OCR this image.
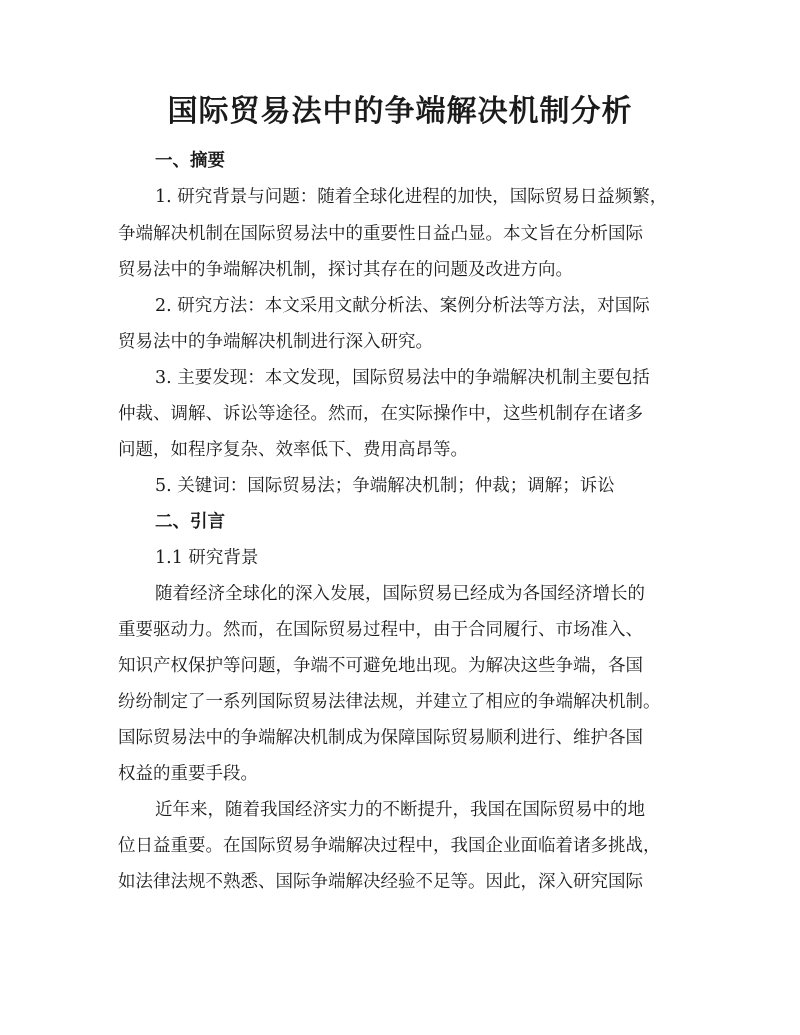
国际贸易法中的争端解决机制分析
一、摘要
1. 研究背景与问题：随着全球化进程的加快，国际贸易日益频繁，
争端解决机制在国际贸易法中的重要性日益凸显。本文旨在分析国际
贸易法中的争端解决机制，探讨其存在的问题及改进方向。
2. 研究方法：本文采用文献分析法、案例分析法等方法，对国际
贸易法中的争端解决机制进行深入研究。
3. 主要发现：本文发现，国际贸易法中的争端解决机制主要包括
仲裁、调解、诉讼等途径。然而，在实际操作中，这些机制存在诸多
问题，如程序复杂、效率低下、费用高昂等。
5. 关键词：国际贸易法；争端解决机制；仲裁；调解；诉讼
二、引言
1.1 研究背景
随着经济全球化的深入发展，国际贸易已经成为各国经济增长的
重要驱动力。然而，在国际贸易过程中，由于合同履行、市场准入、
知识产权保护等问题，争端不可避免地出现。为解决这些争端，各国
纷纷制定了一系列国际贸易法律法规，并建立了相应的争端解决机制。
国际贸易法中的争端解决机制成为保障国际贸易顺利进行、维护各国
权益的重要手段。
近年来，随着我国经济实力的不断提升，我国在国际贸易中的地
位日益重要。在国际贸易争端解决过程中，我国企业面临着诸多挑战，
如法律法规不熟悉、国际争端解决经验不足等。因此，深入研究国际
